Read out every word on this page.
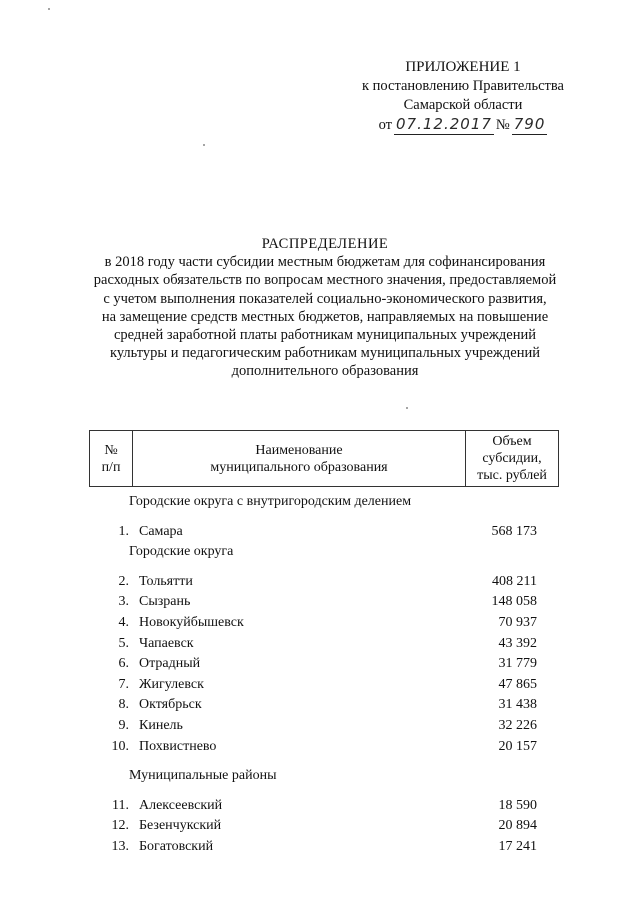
ПРИЛОЖЕНИЕ 1
к постановлению Правительства
Самарской области
от 07.12.2017 № 790
РАСПРЕДЕЛЕНИЕ
в 2018 году части субсидии местным бюджетам для софинансирования
расходных обязательств по вопросам местного значения, предоставляемой
с учетом выполнения показателей социально-экономического развития,
на замещение средств местных бюджетов, направляемых на повышение
средней заработной платы работникам муниципальных учреждений
культуры и педагогическим работникам муниципальных учреждений
дополнительного образования
№
п/п

Наименование
муниципального образования

Объем
субсидии,
тыс. рублей
Городские округа с внутригородским делением
1. Самара	568 173
Городские округа
2. Тольятти	408 211
3. Сызрань	148 058
4. Новокуйбышевск	70 937
5. Чапаевск	43 392
6. Отрадный	31 779
7. Жигулевск	47 865
8. Октябрьск	31 438
9. Кинель	32 226
10. Похвистнево	20 157
Муниципальные районы
11. Алексеевский	18 590
12. Безенчукский	20 894
13. Богатовский	17 241
